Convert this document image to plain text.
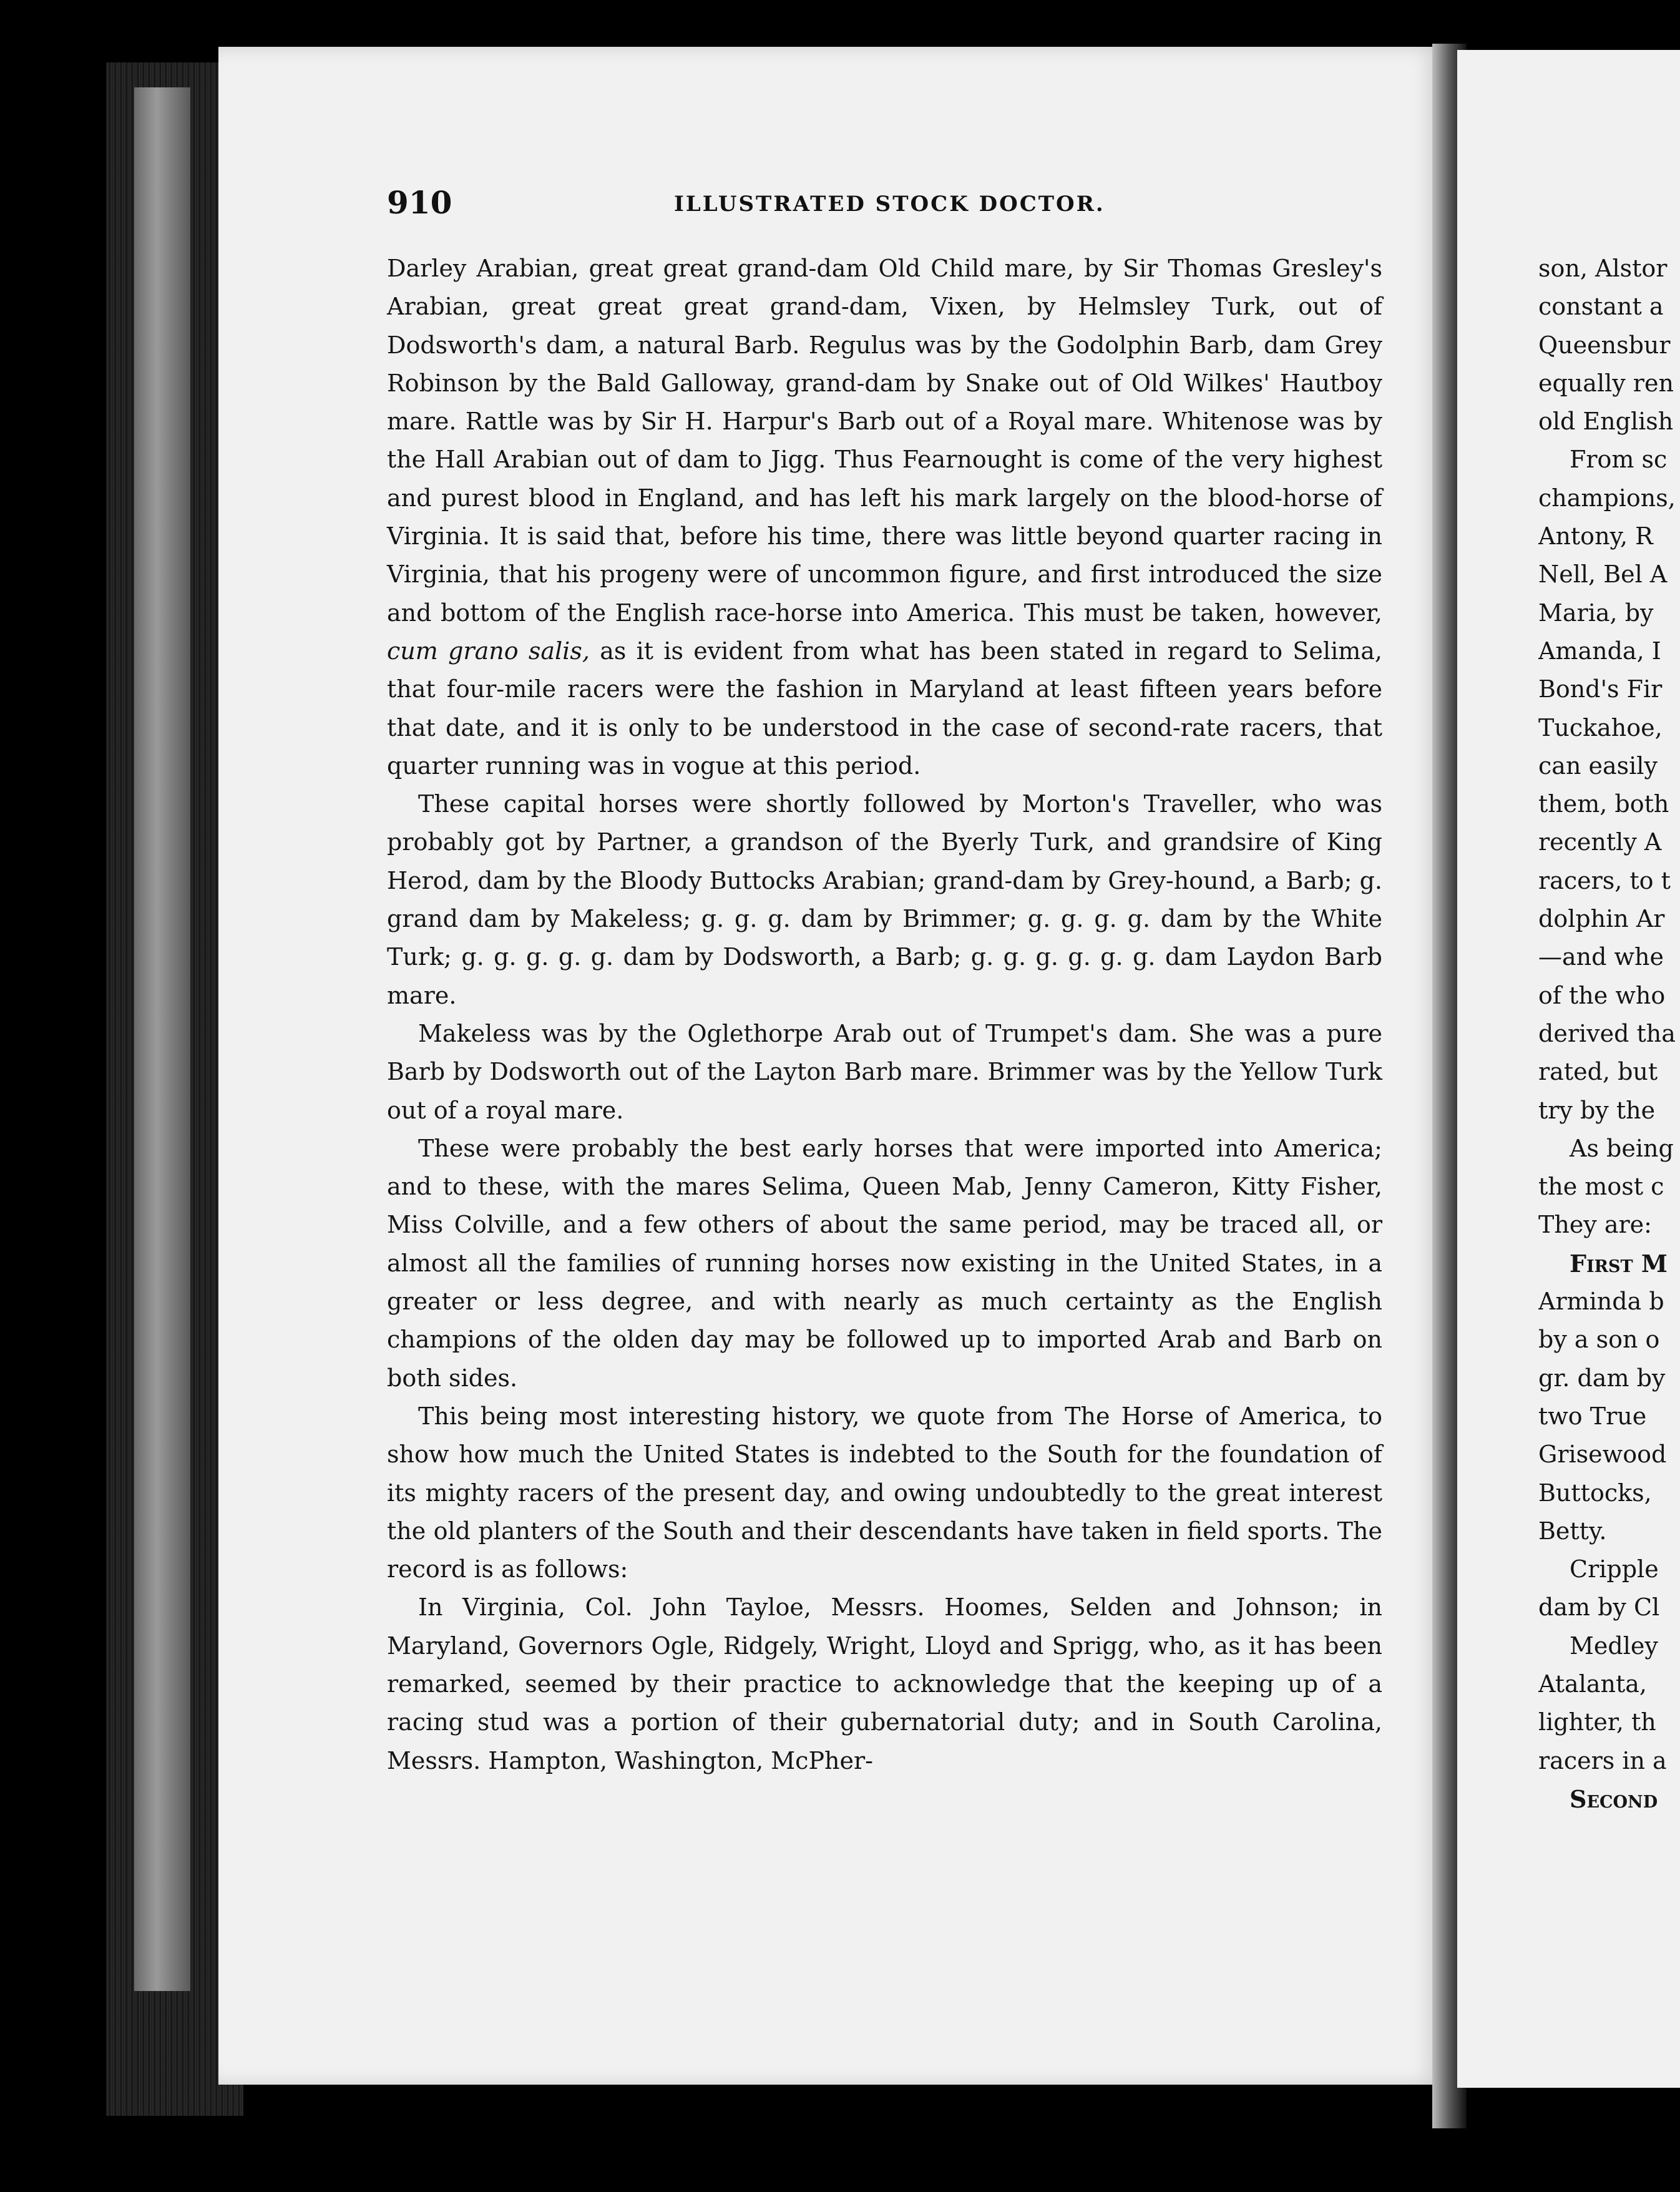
910	ILLUSTRATED STOCK DOCTOR.

Darley Arabian, great great grand-dam Old Child mare, by Sir Thomas Gresley's Arabian, great great great grand-dam, Vixen, by Helmsley Turk, out of Dodsworth's dam, a natural Barb. Regulus was by the Godolphin Barb, dam Grey Robinson by the Bald Galloway, grand-dam by Snake out of Old Wilkes' Hautboy mare. Rattle was by Sir H. Harpur's Barb out of a Royal mare. Whitenose was by the Hall Arabian out of dam to Jigg. Thus Fearnought is come of the very highest and purest blood in England, and has left his mark largely on the blood-horse of Virginia. It is said that, before his time, there was little beyond quarter racing in Virginia, that his progeny were of uncommon figure, and first introduced the size and bottom of the English race-horse into America. This must be taken, however, cum grano salis, as it is evident from what has been stated in regard to Selima, that four-mile racers were the fashion in Maryland at least fifteen years before that date, and it is only to be understood in the case of second-rate racers, that quarter running was in vogue at this period.

These capital horses were shortly followed by Morton's Traveller, who was probably got by Partner, a grandson of the Byerly Turk, and grandsire of King Herod, dam by the Bloody Buttocks Arabian; grand-dam by Grey-hound, a Barb; g. grand dam by Makeless; g. g. g. dam by Brimmer; g. g. g. g. dam by the White Turk; g. g. g. g. g. dam by Dodsworth, a Barb; g. g. g. g. g. g. dam Laydon Barb mare.

Makeless was by the Oglethorpe Arab out of Trumpet's dam. She was a pure Barb by Dodsworth out of the Layton Barb mare. Brimmer was by the Yellow Turk out of a royal mare.

These were probably the best early horses that were imported into America; and to these, with the mares Selima, Queen Mab, Jenny Cameron, Kitty Fisher, Miss Colville, and a few others of about the same period, may be traced all, or almost all the families of running horses now existing in the United States, in a greater or less degree, and with nearly as much certainty as the English champions of the olden day may be followed up to imported Arab and Barb on both sides.

This being most interesting history, we quote from The Horse of America, to show how much the United States is indebted to the South for the foundation of its mighty racers of the present day, and owing undoubtedly to the great interest the old planters of the South and their descendants have taken in field sports. The record is as follows:

In Virginia, Col. John Tayloe, Messrs. Hoomes, Selden and Johnson; in Maryland, Governors Ogle, Ridgely, Wright, Lloyd and Sprigg, who, as it has been remarked, seemed by their practice to acknowledge that the keeping up of a racing stud was a portion of their gubernatorial duty; and in South Carolina, Messrs. Hampton, Washington, McPher-

son, Alstor
constant a
Queensbur
equally ren
old English
From sc
champions,
Antony, R
Nell, Bel A
Maria, by
Amanda, I
Bond's Fir
Tuckahoe,
can easily
them, both
recently A
racers, to t
dolphin Ar
—and whe
of the who
derived tha
rated, but
try by the
As being
the most c
They are:
First M
Arminda b
by a son o
gr. dam by
two True
Grisewood
Buttocks,
Betty.
Cripple
dam by Cl
Medley
Atalanta,
lighter, th
racers in a
Second
